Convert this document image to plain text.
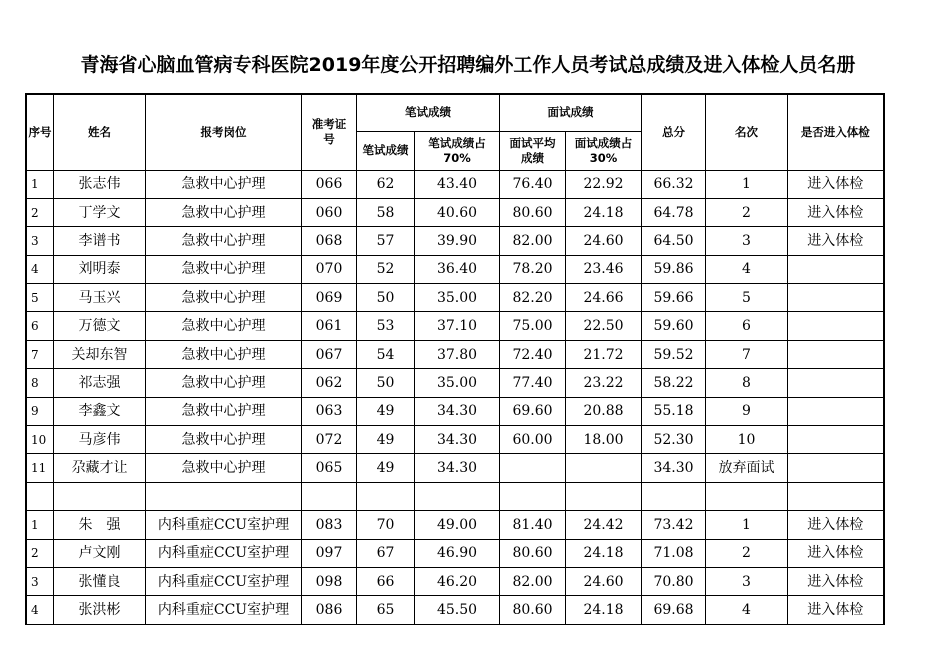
青海省心脑血管病专科医院2019年度公开招聘编外工作人员考试总成绩及进入体检人员名册
序号	姓名	报考岗位	准考证号	笔试成绩		面试成绩		总分	名次	是否进入体检
				笔试成绩	笔试成绩占70%	面试平均成绩	面试成绩占30%			
1	张志伟	急救中心护理	066	62	43.40	76.40	22.92	66.32	1	进入体检
2	丁学文	急救中心护理	060	58	40.60	80.60	24.18	64.78	2	进入体检
3	李谱书	急救中心护理	068	57	39.90	82.00	24.60	64.50	3	进入体检
4	刘明泰	急救中心护理	070	52	36.40	78.20	23.46	59.86	4	
5	马玉兴	急救中心护理	069	50	35.00	82.20	24.66	59.66	5	
6	万德文	急救中心护理	061	53	37.10	75.00	22.50	59.60	6	
7	关却东智	急救中心护理	067	54	37.80	72.40	21.72	59.52	7	
8	祁志强	急救中心护理	062	50	35.00	77.40	23.22	58.22	8	
9	李鑫文	急救中心护理	063	49	34.30	69.60	20.88	55.18	9	
10	马彦伟	急救中心护理	072	49	34.30	60.00	18.00	52.30	10	
11	尕藏才让	急救中心护理	065	49	34.30			34.30	放弃面试	

1	朱　强	内科重症CCU室护理	083	70	49.00	81.40	24.42	73.42	1	进入体检
2	卢文刚	内科重症CCU室护理	097	67	46.90	80.60	24.18	71.08	2	进入体检
3	张懂良	内科重症CCU室护理	098	66	46.20	82.00	24.60	70.80	3	进入体检
4	张洪彬	内科重症CCU室护理	086	65	45.50	80.60	24.18	69.68	4	进入体检
